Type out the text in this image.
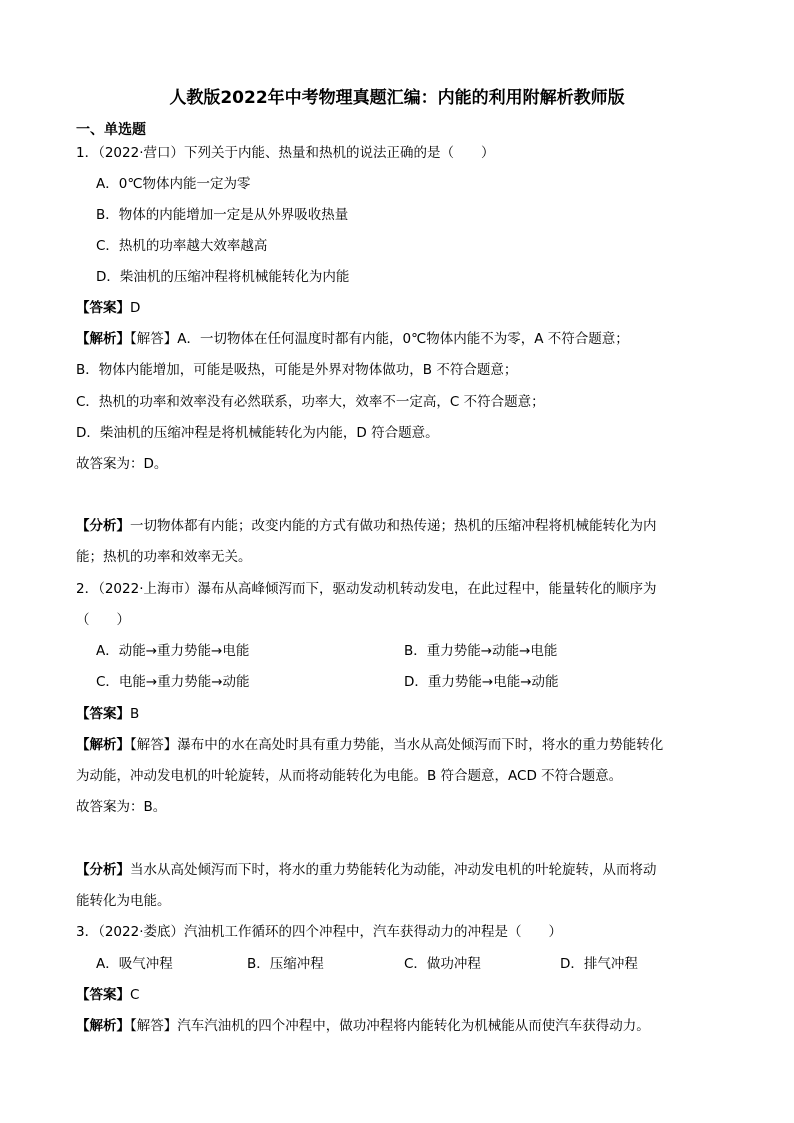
人教版2022年中考物理真题汇编：内能的利用附解析教师版
一、单选题
1．（2022·营口）下列关于内能、热量和热机的说法正确的是（　　）
A．0℃物体内能一定为零
B．物体的内能增加一定是从外界吸收热量
C．热机的功率越大效率越高
D．柴油机的压缩冲程将机械能转化为内能
【答案】D
【解析】【解答】A．一切物体在任何温度时都有内能，0℃物体内能不为零，A 不符合题意；
B．物体内能增加，可能是吸热，可能是外界对物体做功，B 不符合题意；
C．热机的功率和效率没有必然联系，功率大，效率不一定高，C 不符合题意；
D．柴油机的压缩冲程是将机械能转化为内能，D 符合题意。
故答案为：D。
【分析】一切物体都有内能；改变内能的方式有做功和热传递；热机的压缩冲程将机械能转化为内
能；热机的功率和效率无关。
2．（2022·上海市）瀑布从高峰倾泻而下，驱动发动机转动发电，在此过程中，能量转化的顺序为
（　　）
A．动能→重力势能→电能	B．重力势能→动能→电能
C．电能→重力势能→动能	D．重力势能→电能→动能
【答案】B
【解析】【解答】瀑布中的水在高处时具有重力势能，当水从高处倾泻而下时，将水的重力势能转化
为动能，冲动发电机的叶轮旋转，从而将动能转化为电能。B 符合题意，ACD 不符合题意。
故答案为：B。
【分析】当水从高处倾泻而下时，将水的重力势能转化为动能，冲动发电机的叶轮旋转，从而将动
能转化为电能。
3．（2022·娄底）汽油机工作循环的四个冲程中，汽车获得动力的冲程是（　　）
A．吸气冲程	B．压缩冲程	C．做功冲程	D．排气冲程
【答案】C
【解析】【解答】汽车汽油机的四个冲程中，做功冲程将内能转化为机械能从而使汽车获得动力。
